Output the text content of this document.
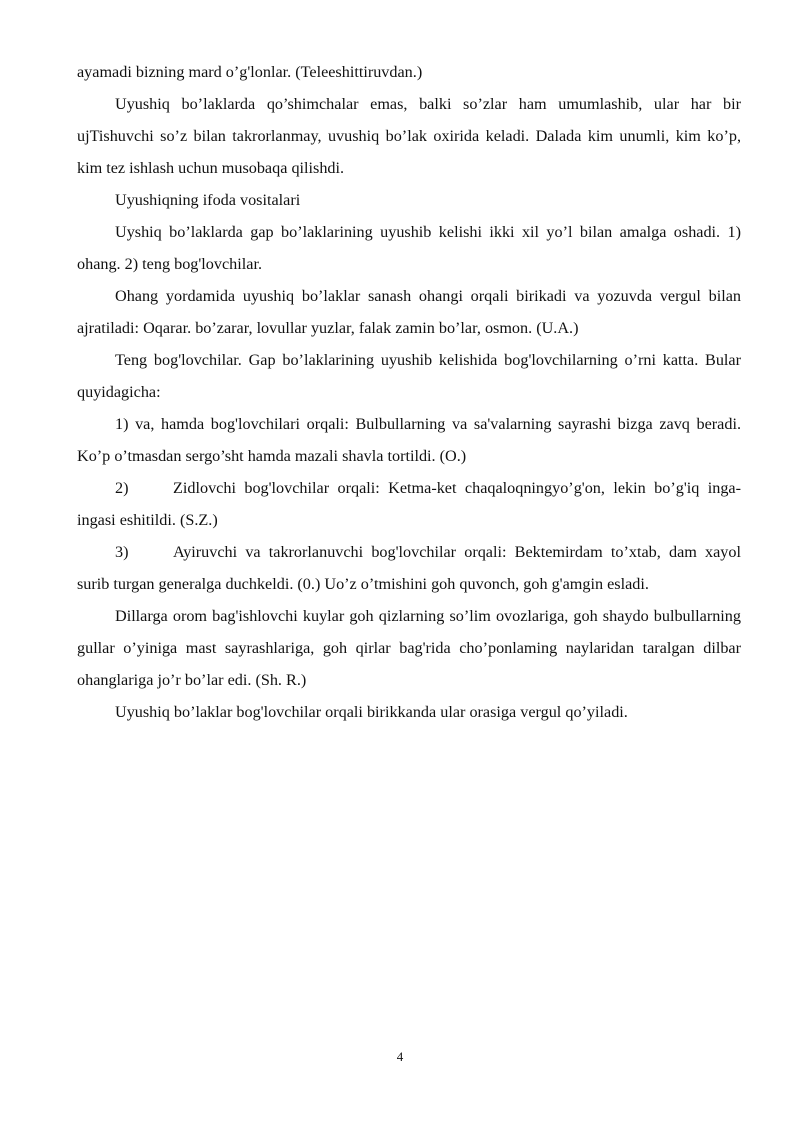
ayamadi bizning mard o’g'lonlar. (Teleeshittiruvdan.)

Uyushiq bo’laklarda qo’shimchalar emas, balki so’zlar ham umumlashib, ular har bir ujTishuvchi so’z bilan takrorlanmay, uvushiq bo’lak oxirida keladi. Dalada kim unumli, kim ko’p, kim tez ishlash uchun musobaqa qilishdi.

Uyushiqning ifoda vositalari

Uyshiq bo’laklarda gap bo’laklarining uyushib kelishi ikki xil yo’l bilan amalga oshadi. 1) ohang. 2) teng bog'lovchilar.

Ohang yordamida uyushiq bo’laklar sanash ohangi orqali birikadi va yozuvda vergul bilan ajratiladi: Oqarar. bo’zarar, lovullar yuzlar, falak zamin bo’lar, osmon. (U.A.)

Teng bog'lovchilar. Gap bo’laklarining uyushib kelishida bog'lovchilarning o’rni katta. Bular quyidagicha:

1) va, hamda bog'lovchilari orqali: Bulbullarning va sa'valarning sayrashi bizga zavq beradi. Ko’p o’tmasdan sergo’sht hamda mazali shavla tortildi. (O.)

2)	Zidlovchi bog'lovchilar orqali: Ketma-ket chaqaloqningyo’g'on, lekin bo’g'iq inga-ingasi eshitildi. (S.Z.)

3)	Ayiruvchi va takrorlanuvchi bog'lovchilar orqali: Bektemirdam to’xtab, dam xayol surib turgan generalga duchkeldi. (0.) Uo’z o’tmishini goh quvonch, goh g'amgin esladi.

Dillarga orom bag'ishlovchi kuylar goh qizlarning so’lim ovozlariga, goh shaydo bulbullarning gullar o’yiniga mast sayrashlariga, goh qirlar bag'rida cho’ponlaming naylaridan taralgan dilbar ohanglariga jo’r bo’lar edi. (Sh. R.)

Uyushiq bo’laklar bog'lovchilar orqali birikkanda ular orasiga vergul qo’yiladi.

4
